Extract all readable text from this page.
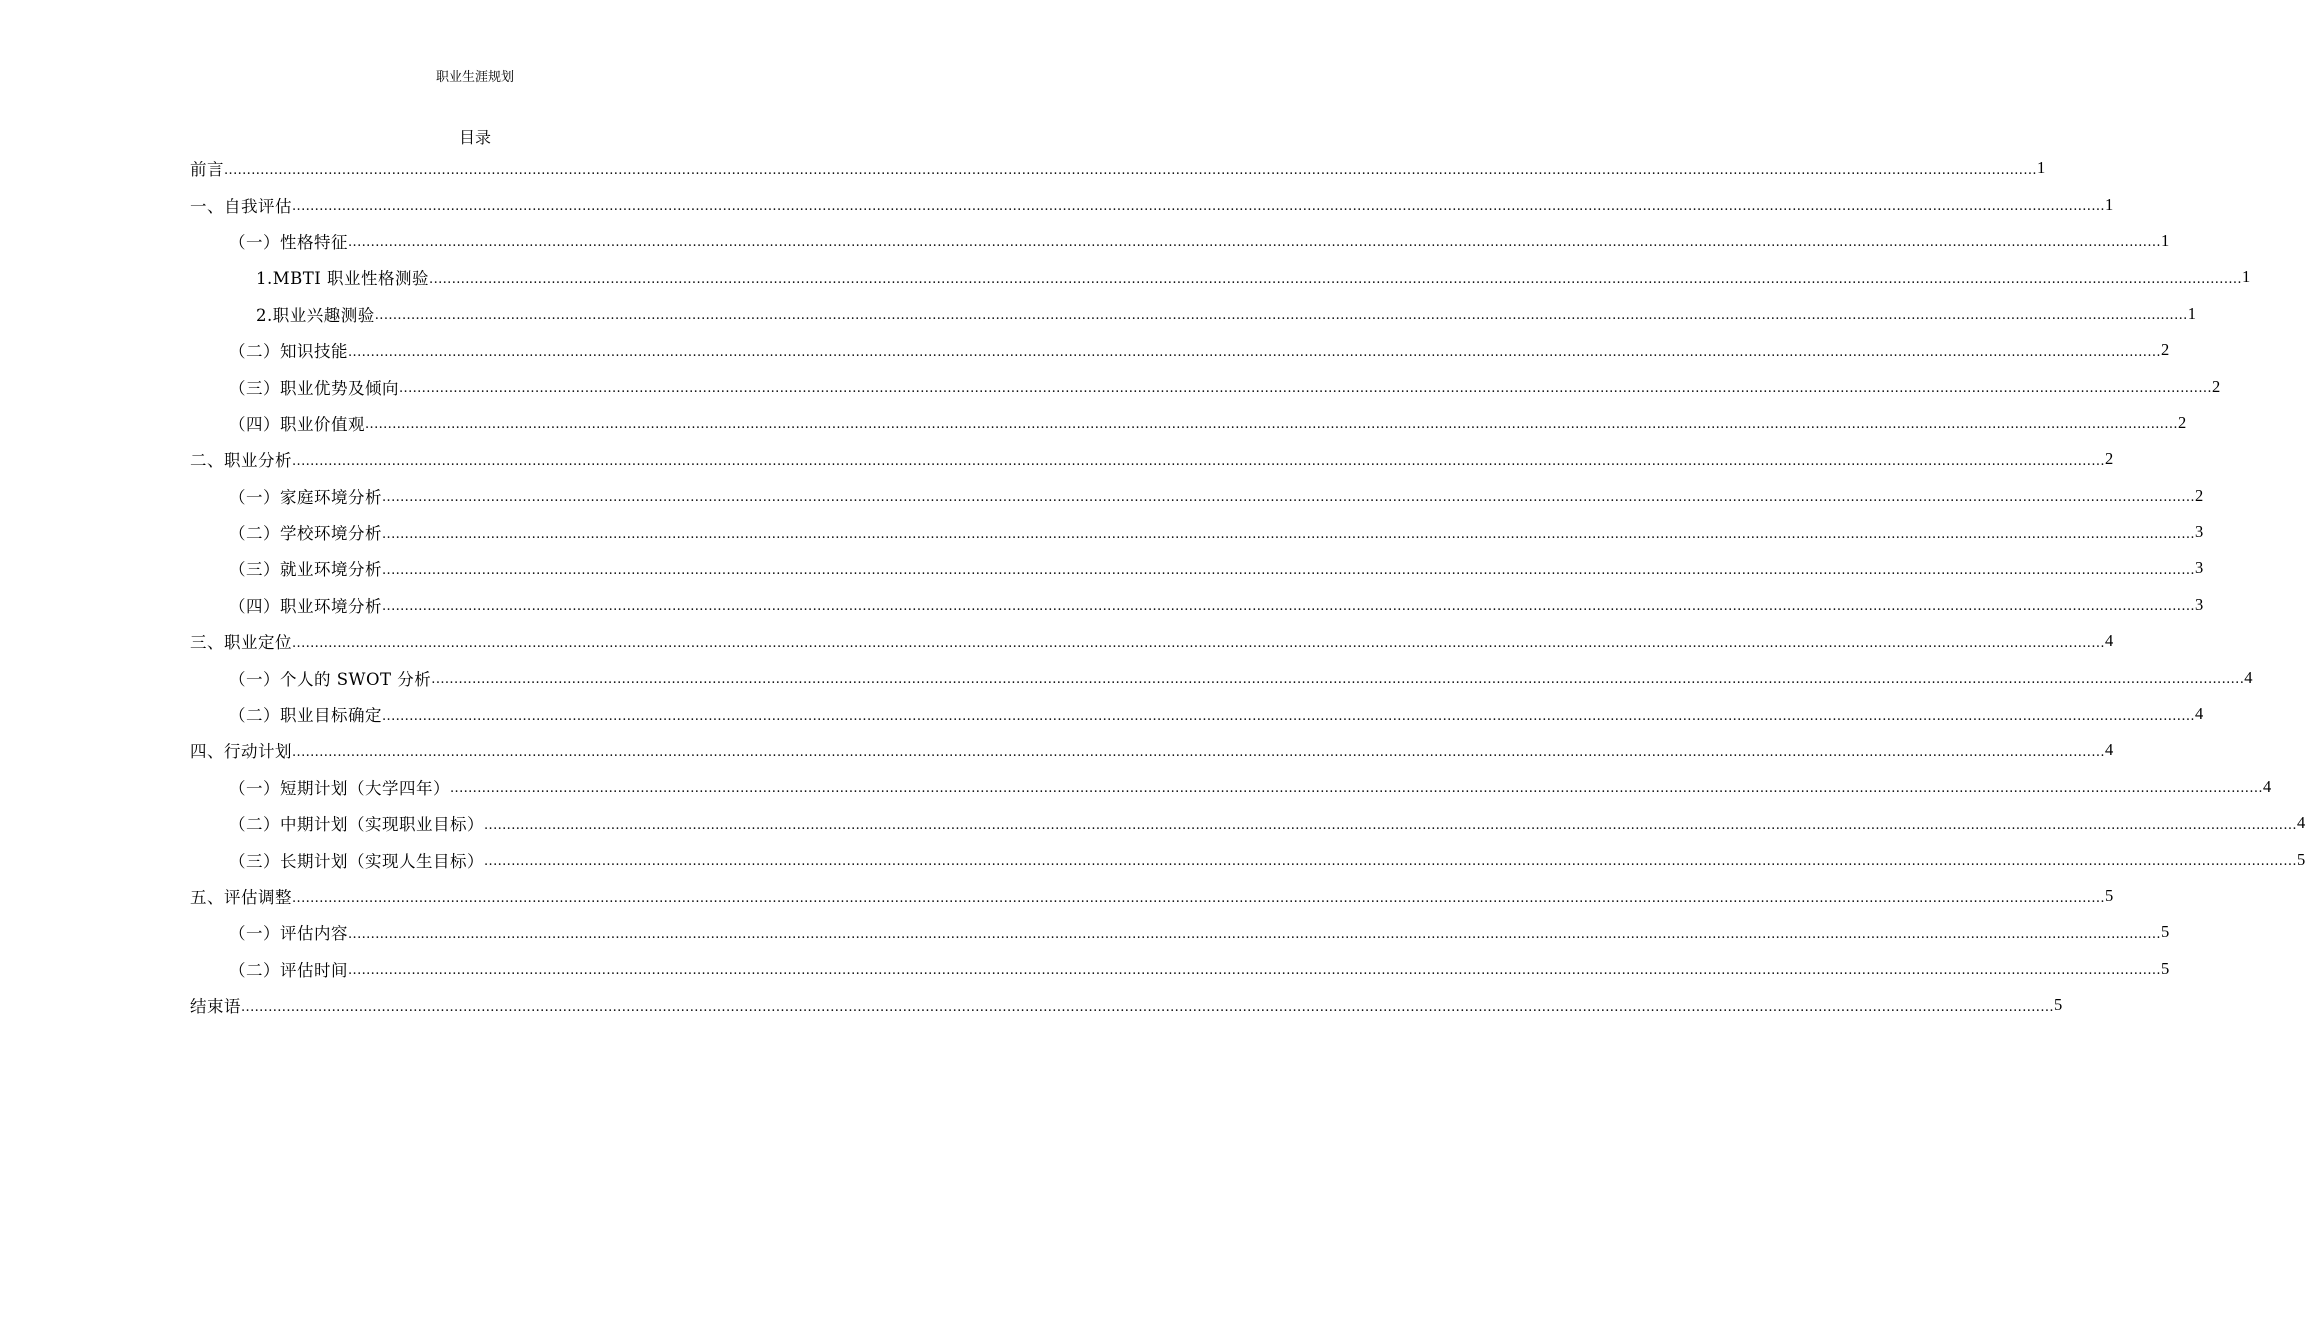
职业生涯规划
目录
前言 ................................................................................................................................................................................................................................................................................................................................................................................................................ 1
一、自我评估 ................................................................................................................................................................................................................................................................................................................................................................................................................ 1
（一）性格特征 ................................................................................................................................................................................................................................................................................................................................................................................................................ 1
1.MBTI 职业性格测验 ................................................................................................................................................................................................................................................................................................................................................................................................................ 1
2.职业兴趣测验 ................................................................................................................................................................................................................................................................................................................................................................................................................ 1
（二）知识技能 ................................................................................................................................................................................................................................................................................................................................................................................................................ 2
（三）职业优势及倾向 ................................................................................................................................................................................................................................................................................................................................................................................................................ 2
（四）职业价值观 ................................................................................................................................................................................................................................................................................................................................................................................................................ 2
二、职业分析 ................................................................................................................................................................................................................................................................................................................................................................................................................ 2
（一）家庭环境分析 ................................................................................................................................................................................................................................................................................................................................................................................................................ 2
（二）学校环境分析 ................................................................................................................................................................................................................................................................................................................................................................................................................ 3
（三）就业环境分析 ................................................................................................................................................................................................................................................................................................................................................................................................................ 3
（四）职业环境分析 ................................................................................................................................................................................................................................................................................................................................................................................................................ 3
三、职业定位 ................................................................................................................................................................................................................................................................................................................................................................................................................ 4
（一）个人的 SWOT 分析 ................................................................................................................................................................................................................................................................................................................................................................................................................ 4
（二）职业目标确定 ................................................................................................................................................................................................................................................................................................................................................................................................................ 4
四、行动计划 ................................................................................................................................................................................................................................................................................................................................................................................................................ 4
（一）短期计划（大学四年） ................................................................................................................................................................................................................................................................................................................................................................................................................ 4
（二）中期计划（实现职业目标） ................................................................................................................................................................................................................................................................................................................................................................................................................ 4
（三）长期计划（实现人生目标） ................................................................................................................................................................................................................................................................................................................................................................................................................ 5
五、评估调整 ................................................................................................................................................................................................................................................................................................................................................................................................................ 5
（一）评估内容 ................................................................................................................................................................................................................................................................................................................................................................................................................ 5
（二）评估时间 ................................................................................................................................................................................................................................................................................................................................................................................................................ 5
结束语 ................................................................................................................................................................................................................................................................................................................................................................................................................ 5
